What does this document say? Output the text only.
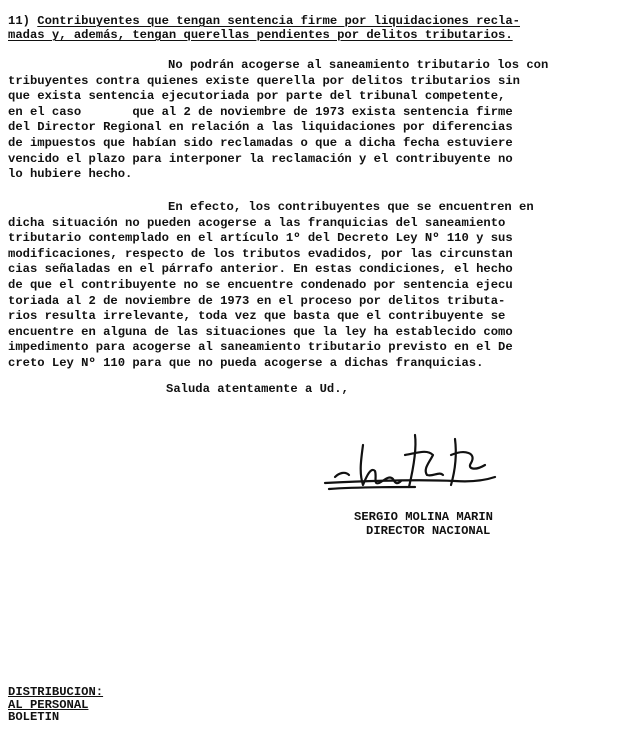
11) Contribuyentes que tengan sentencia firme por liquidaciones recla-
madas y, además, tengan querellas pendientes por delitos tributarios.
No podrán acogerse al saneamiento tributario los con
tribuyentes contra quienes existe querella por delitos tributarios sin
que exista sentencia ejecutoriada por parte del tribunal competente,
en el caso       que al 2 de noviembre de 1973 exista sentencia firme
del Director Regional en relación a las liquidaciones por diferencias
de impuestos que habían sido reclamadas o que a dicha fecha estuviere
vencido el plazo para interponer la reclamación y el contribuyente no
lo hubiere hecho.
En efecto, los contribuyentes que se encuentren en
dicha situación no pueden acogerse a las franquicias del saneamiento
tributario contemplado en el artículo 1º del Decreto Ley Nº 110 y sus
modificaciones, respecto de los tributos evadidos, por las circunstan
cias señaladas en el párrafo anterior. En estas condiciones, el hecho
de que el contribuyente no se encuentre condenado por sentencia ejecu
toriada al 2 de noviembre de 1973 en el proceso por delitos tributa-
rios resulta irrelevante, toda vez que basta que el contribuyente se
encuentre en alguna de las situaciones que la ley ha establecido como
impedimento para acogerse al saneamiento tributario previsto en el De
creto Ley Nº 110 para que no pueda acogerse a dichas franquicias.
Saluda atentamente a Ud.,
SERGIO MOLINA MARIN
DIRECTOR NACIONAL
DISTRIBUCION:
AL PERSONAL
BOLETIN
